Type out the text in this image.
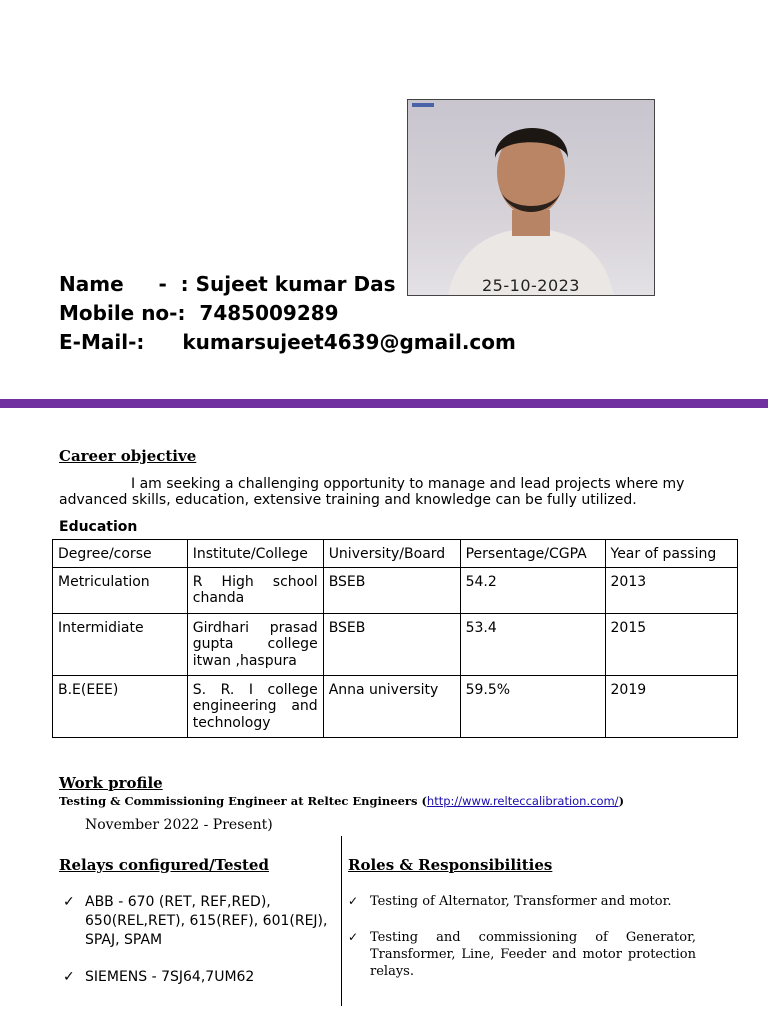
25-10-2023
Name     -  : Sujeet kumar Das
Mobile no-: 7485009289
E-Mail-: kumarsujeet4639@gmail.com
Career objective
I am seeking a challenging opportunity to manage and lead projects where my advanced skills, education, extensive training and knowledge can be fully utilized.
Education
Degree/corse	Institute/College	University/Board	Persentage/CGPA	Year of passing
Metriculation	R High school chanda	BSEB	54.2	2013
Intermidiate	Girdhari prasad gupta college itwan ,haspura	BSEB	53.4	2015
B.E(EEE)	S. R. I college engineering and technology	Anna university	59.5%	2019
Work profile
Testing & Commissioning Engineer at Reltec Engineers (http://www.relteccalibration.com/)
November 2022 - Present)
Relays configured/Tested
✓ ABB - 670 (RET, REF,RED), 650(REL,RET), 615(REF), 601(REJ), SPAJ, SPAM
✓ SIEMENS - 7SJ64,7UM62
Roles & Responsibilities
✓ Testing of Alternator, Transformer and motor.
✓ Testing and commissioning of Generator, Transformer, Line, Feeder and motor protection relays.
